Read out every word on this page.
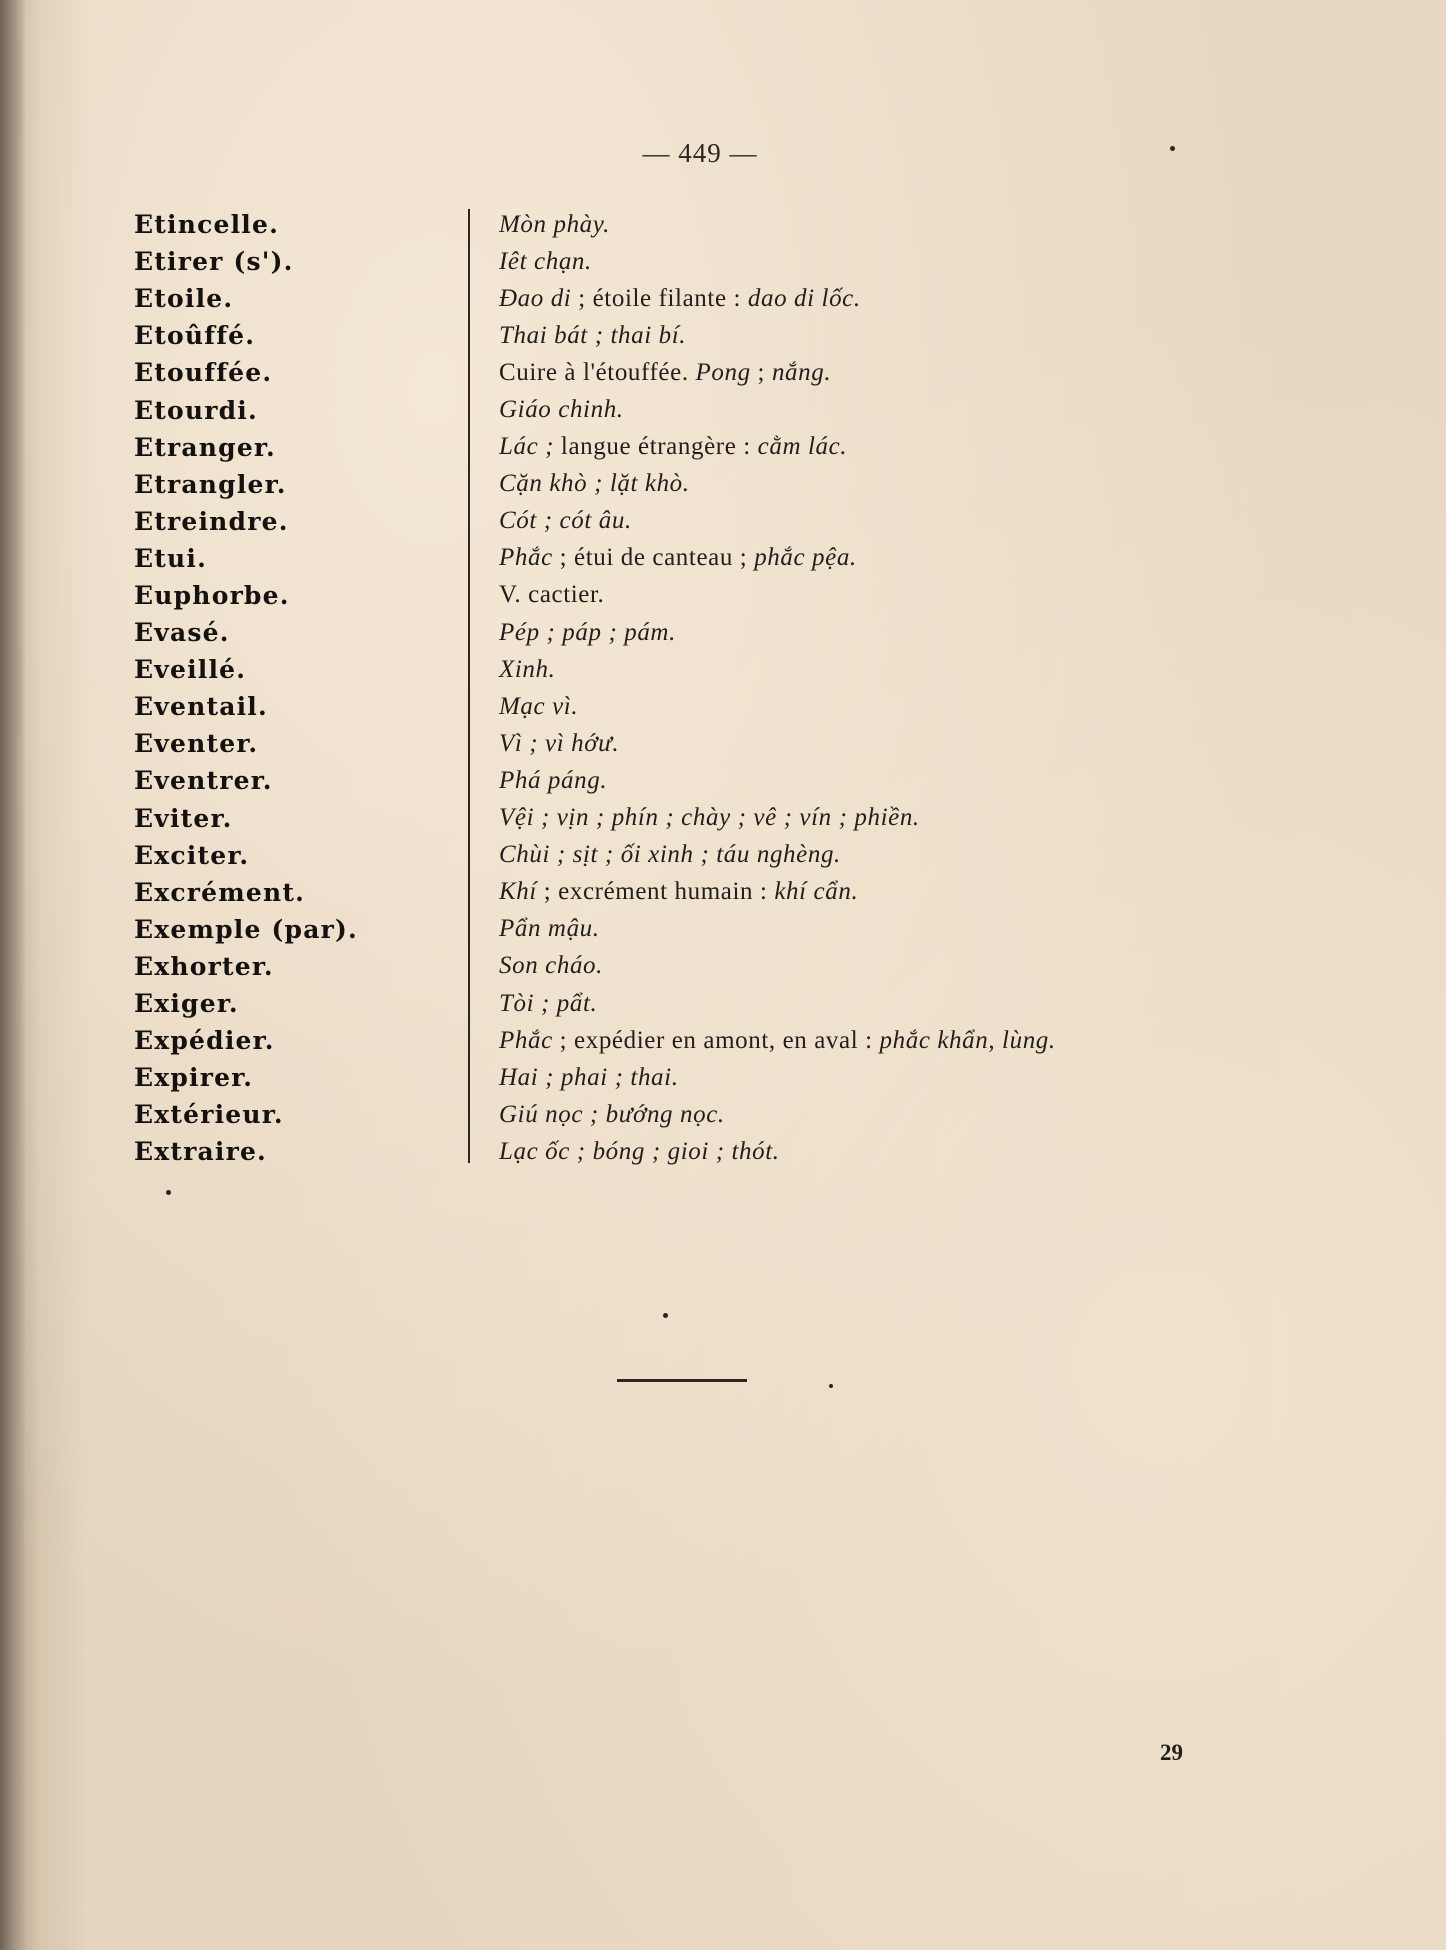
— 449 —
Etincelle.	Mòn phày.
Etirer (s').	Iêt chạn.
Etoile.	Đao di ; étoile filante : dao di lốc.
Etoûffé.	Thai bát ; thai bí.
Etouffée.	Cuire à l'étouffée. Pong ; nắng.
Etourdi.	Giáo chinh.
Etranger.	Lác ; langue étrangère : cằm lác.
Etrangler.	Cặn khò ; lặt khò.
Etreindre.	Cót ; cót âu.
Etui.	Phắc ; étui de canteau ; phắc pệa.
Euphorbe.	V. cactier.
Evasé.	Pép ; páp ; pám.
Eveillé.	Xinh.
Eventail.	Mạc vì.
Eventer.	Vì ; vì hớư.
Eventrer.	Phá páng.
Eviter.	Vệi ; vịn ; phín ; chày ; vê ; vín ; phiền.
Exciter.	Chùi ; sịt ; ối xinh ; táu nghèng.
Excrément.	Khí ; excrément humain : khí cẩn.
Exemple (par).	Pẩn mậu.
Exhorter.	Son cháo.
Exiger.	Tòi ; pẩt.
Expédier.	Phắc ; expédier en amont, en aval : phắc khẩn, lùng.
Expirer.	Hai ; phai ; thai.
Extérieur.	Giú nọc ; bướng nọc.
Extraire.	Lạc ốc ; bóng ; gioi ; thót.
29
